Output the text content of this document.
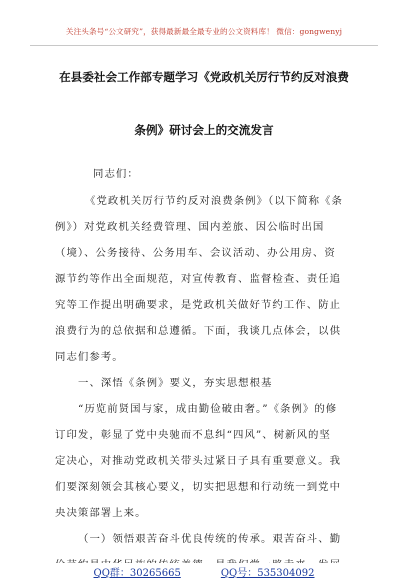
关注头条号“公文研究”，获得最新最全最专业的公文资料库！ 微信：gongwenyj
在县委社会工作部专题学习《党政机关厉行节约反对浪费
条例》研讨会上的交流发言
同志们：
《党政机关厉行节约反对浪费条例》（以下简称《条
例》）对党政机关经费管理、国内差旅、因公临时出国
（境）、公务接待、公务用车、会议活动、办公用房、资
源节约等作出全面规范，对宣传教育、监督检查、责任追
究等工作提出明确要求，是党政机关做好节约工作、防止
浪费行为的总依据和总遵循。下面，我谈几点体会，以供
同志们参考。
一、深悟《条例》要义，夯实思想根基
“历览前贤国与家，成由勤俭破由奢。”《条例》的修
订印发，彰显了党中央驰而不息纠“四风”、树新风的坚
定决心，对推动党政机关带头过紧日子具有重要意义。我
们要深刻领会其核心要义，切实把思想和行动统一到党中
央决策部署上来。
（一）领悟艰苦奋斗优良传统的传承。艰苦奋斗、勤
QQ群：30265665	QQ号：535304092
